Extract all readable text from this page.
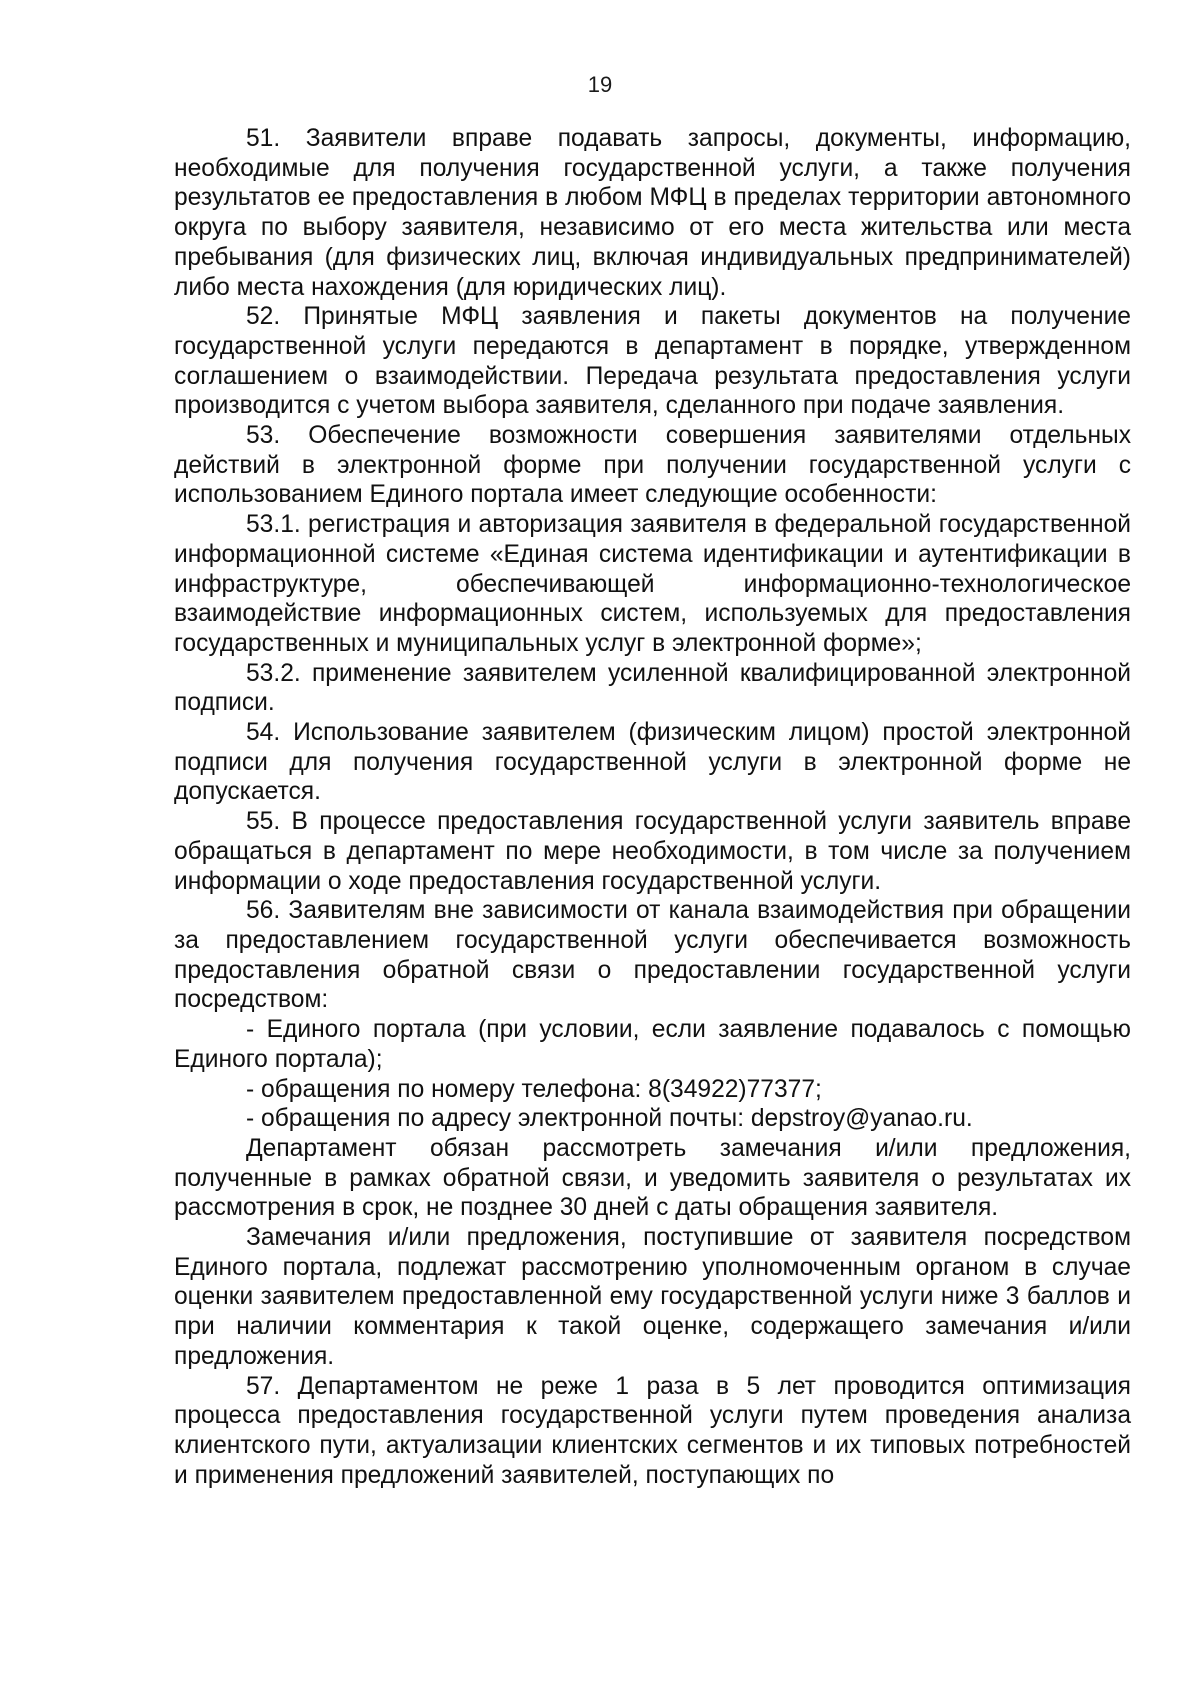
19

51. Заявители вправе подавать запросы, документы, информацию, необходимые для получения государственной услуги, а также получения результатов ее предоставления в любом МФЦ в пределах территории автономного округа по выбору заявителя, независимо от его места жительства или места пребывания (для физических лиц, включая индивидуальных предпринимателей) либо места нахождения (для юридических лиц).

52. Принятые МФЦ заявления и пакеты документов на получение государственной услуги передаются в департамент в порядке, утвержденном соглашением о взаимодействии. Передача результата предоставления услуги производится с учетом выбора заявителя, сделанного при подаче заявления.

53. Обеспечение возможности совершения заявителями отдельных действий в электронной форме при получении государственной услуги с использованием Единого портала имеет следующие особенности:

53.1. регистрация и авторизация заявителя в федеральной государственной информационной системе «Единая система идентификации и аутентификации в инфраструктуре, обеспечивающей информационно-технологическое взаимодействие информационных систем, используемых для предоставления государственных и муниципальных услуг в электронной форме»;

53.2. применение заявителем усиленной квалифицированной электронной подписи.

54. Использование заявителем (физическим лицом) простой электронной подписи для получения государственной услуги в электронной форме не допускается.

55. В процессе предоставления государственной услуги заявитель вправе обращаться в департамент по мере необходимости, в том числе за получением информации о ходе предоставления государственной услуги.

56. Заявителям вне зависимости от канала взаимодействия при обращении за предоставлением государственной услуги обеспечивается возможность предоставления обратной связи о предоставлении государственной услуги посредством:

- Единого портала (при условии, если заявление подавалось с помощью Единого портала);

- обращения по номеру телефона: 8(34922)77377;

- обращения по адресу электронной почты: depstroy@yanao.ru.

Департамент обязан рассмотреть замечания и/или предложения, полученные в рамках обратной связи, и уведомить заявителя о результатах их рассмотрения в срок, не позднее 30 дней с даты обращения заявителя.

Замечания и/или предложения, поступившие от заявителя посредством Единого портала, подлежат рассмотрению уполномоченным органом в случае оценки заявителем предоставленной ему государственной услуги ниже 3 баллов и при наличии комментария к такой оценке, содержащего замечания и/или предложения.

57. Департаментом не реже 1 раза в 5 лет проводится оптимизация процесса предоставления государственной услуги путем проведения анализа клиентского пути, актуализации клиентских сегментов и их типовых потребностей и применения предложений заявителей, поступающих по
